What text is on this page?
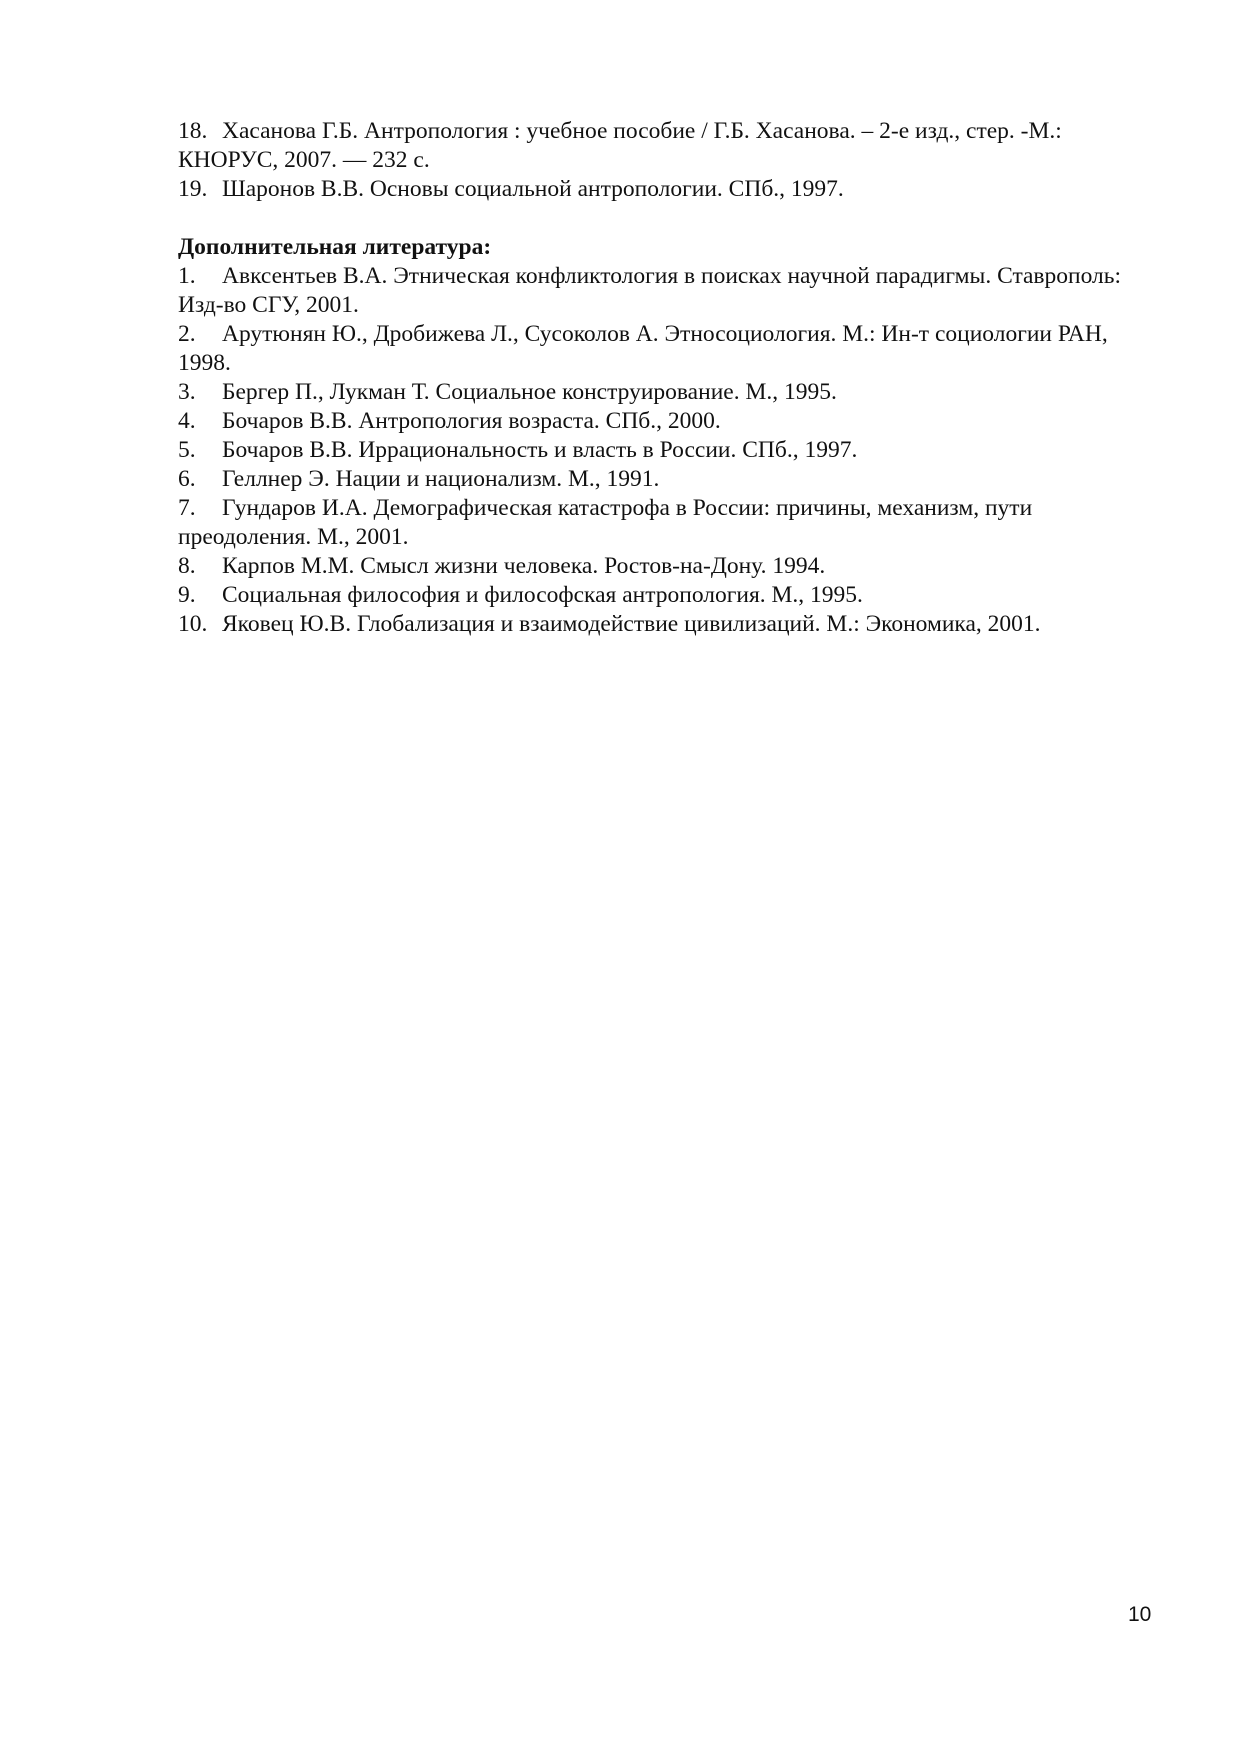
18. Хасанова Г.Б. Антропология : учебное пособие / Г.Б. Хасанова. – 2-е изд., стер. -М.: КНОРУС, 2007. — 232 с.
19. Шаронов В.В. Основы социальной антропологии. СПб., 1997.
Дополнительная литература:
1. Авксентьев В.А. Этническая конфликтология в поисках научной парадигмы. Ставрополь: Изд-во СГУ, 2001.
2. Арутюнян Ю., Дробижева Л., Сусоколов А. Этносоциология. М.: Ин-т социологии РАН, 1998.
3. Бергер П., Лукман Т. Социальное конструирование. М., 1995.
4. Бочаров В.В. Антропология возраста. СПб., 2000.
5. Бочаров В.В. Иррациональность и власть в России. СПб., 1997.
6. Геллнер Э. Нации и национализм. М., 1991.
7. Гундаров И.А. Демографическая катастрофа в России: причины, механизм, пути преодоления. М., 2001.
8. Карпов М.М. Смысл жизни человека. Ростов-на-Дону. 1994.
9. Социальная философия и философская антропология. М., 1995.
10. Яковец Ю.В. Глобализация и взаимодействие цивилизаций. М.: Экономика, 2001.
10
